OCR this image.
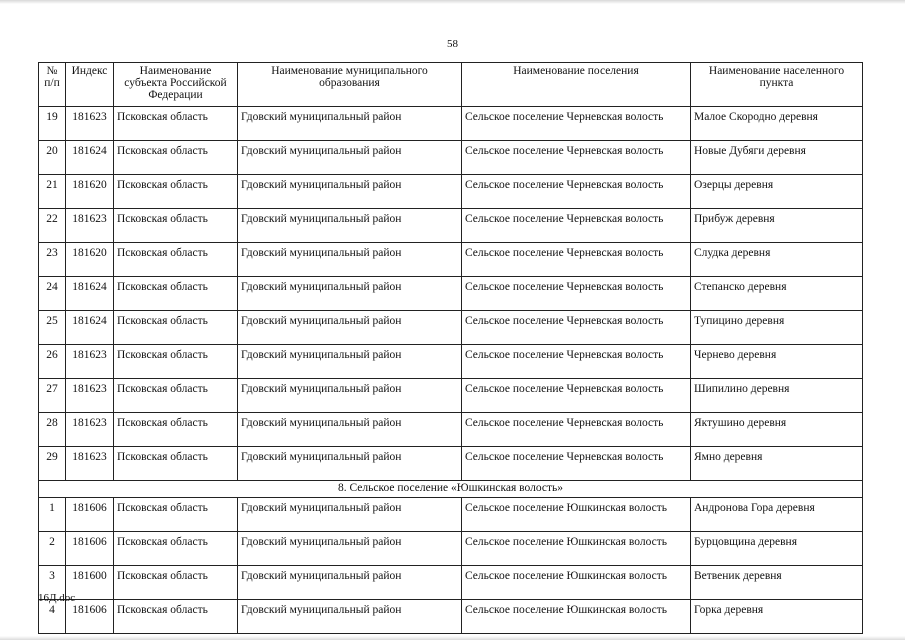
58
№ п/п	Индекс	Наименование субъекта Российской Федерации	Наименование муниципального образования	Наименование поселения	Наименование населенного пункта
19	181623	Псковская область	Гдовский муниципальный район	Сельское поселение Черневская волость	Малое Скородно деревня
20	181624	Псковская область	Гдовский муниципальный район	Сельское поселение Черневская волость	Новые Дубяги деревня
21	181620	Псковская область	Гдовский муниципальный район	Сельское поселение Черневская волость	Озерцы деревня
22	181623	Псковская область	Гдовский муниципальный район	Сельское поселение Черневская волость	Прибуж деревня
23	181620	Псковская область	Гдовский муниципальный район	Сельское поселение Черневская волость	Слудка деревня
24	181624	Псковская область	Гдовский муниципальный район	Сельское поселение Черневская волость	Степанско деревня
25	181624	Псковская область	Гдовский муниципальный район	Сельское поселение Черневская волость	Тупицино деревня
26	181623	Псковская область	Гдовский муниципальный район	Сельское поселение Черневская волость	Чернево деревня
27	181623	Псковская область	Гдовский муниципальный район	Сельское поселение Черневская волость	Шипилино деревня
28	181623	Псковская область	Гдовский муниципальный район	Сельское поселение Черневская волость	Яктушино деревня
29	181623	Псковская область	Гдовский муниципальный район	Сельское поселение Черневская волость	Ямно деревня
8. Сельское поселение «Юшкинская волость»					
1	181606	Псковская область	Гдовский муниципальный район	Сельское поселение Юшкинская волость	Андронова Гора деревня
2	181606	Псковская область	Гдовский муниципальный район	Сельское поселение Юшкинская волость	Бурцовщина деревня
3	181600	Псковская область	Гдовский муниципальный район	Сельское поселение Юшкинская волость	Ветвеник деревня
4	181606	Псковская область	Гдовский муниципальный район	Сельское поселение Юшкинская волость	Горка деревня
16Д.doc
